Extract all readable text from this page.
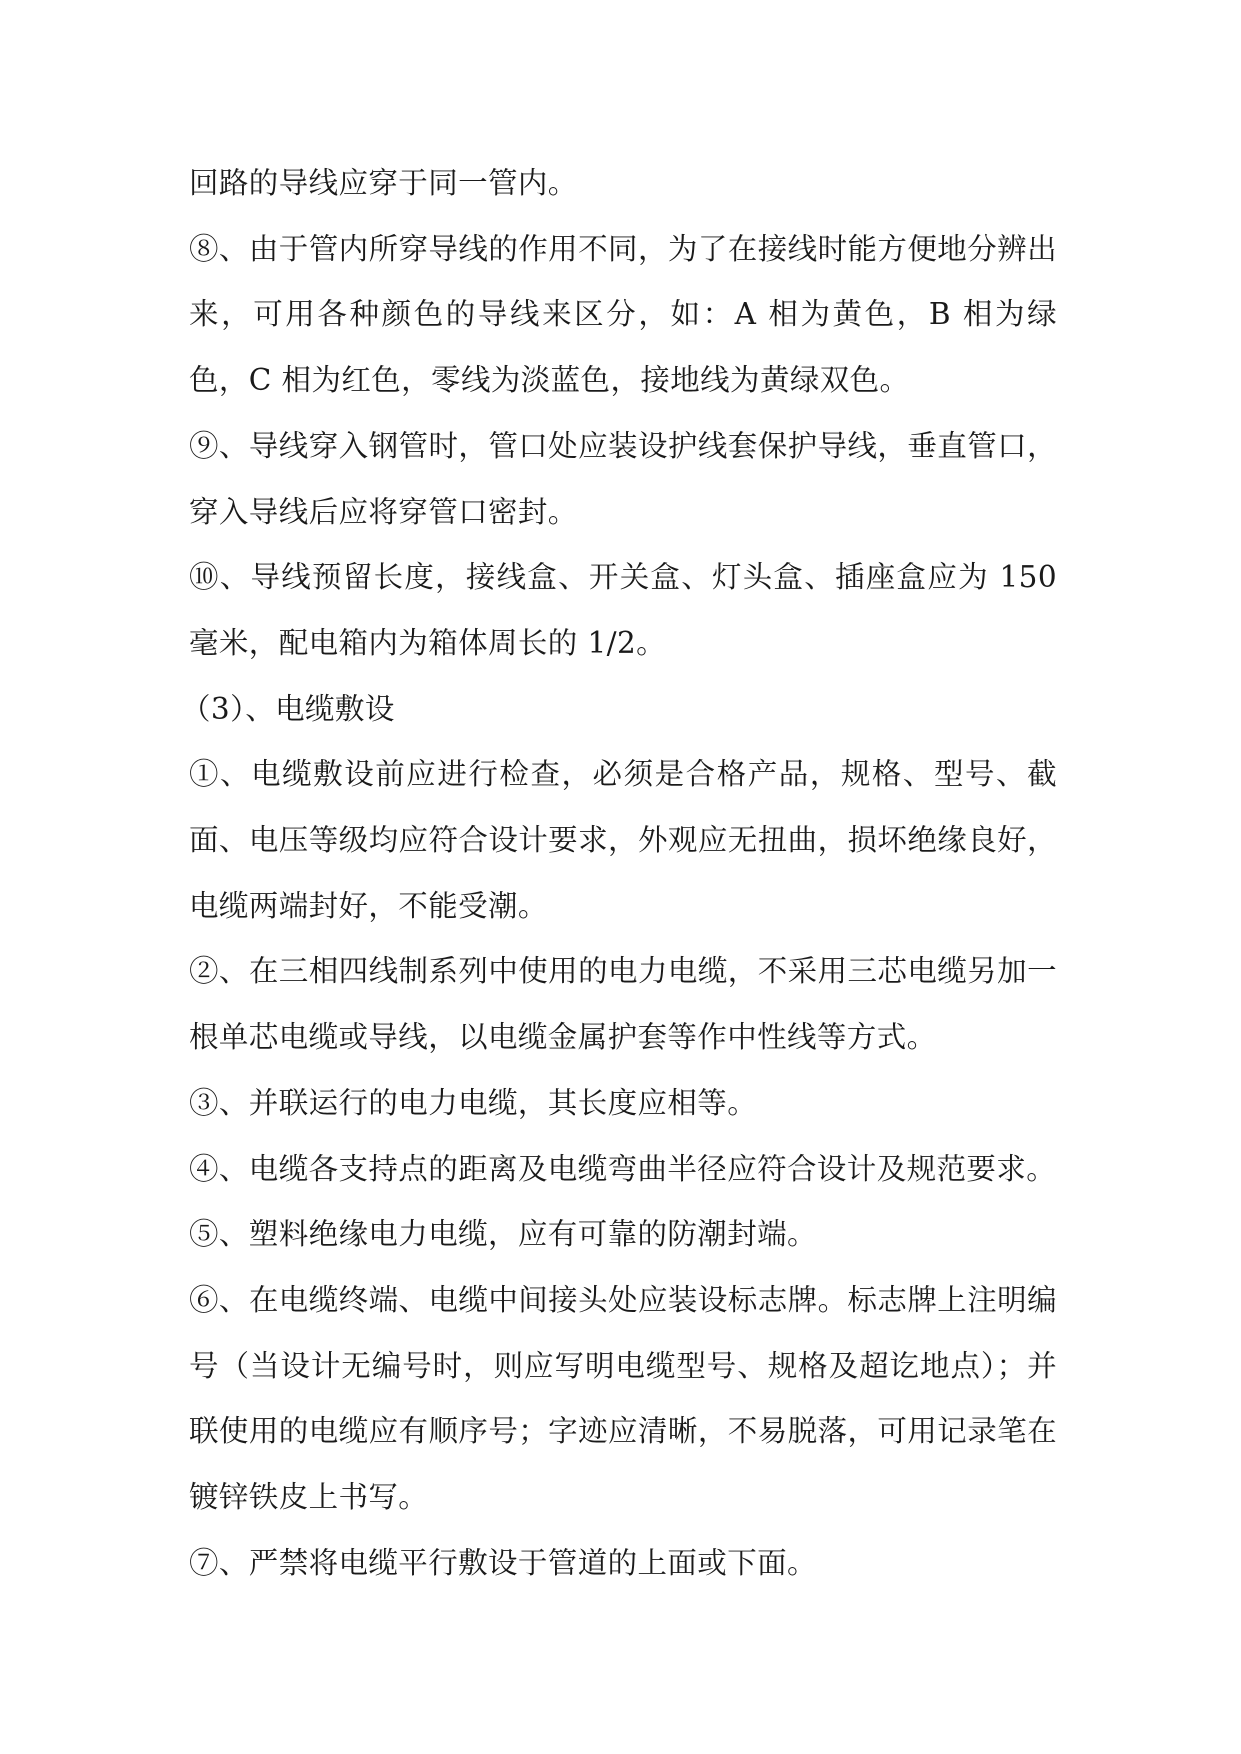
回路的导线应穿于同一管内。

⑧、由于管内所穿导线的作用不同，为了在接线时能方便地分辨出来，可用各种颜色的导线来区分，如：A 相为黄色，B 相为绿色，C 相为红色，零线为淡蓝色，接地线为黄绿双色。

⑨、导线穿入钢管时，管口处应装设护线套保护导线，垂直管口，穿入导线后应将穿管口密封。

⑩、导线预留长度，接线盒、开关盒、灯头盒、插座盒应为 150 毫米，配电箱内为箱体周长的 1/2。

（3）、电缆敷设

①、电缆敷设前应进行检查，必须是合格产品，规格、型号、截面、电压等级均应符合设计要求，外观应无扭曲，损坏绝缘良好，电缆两端封好，不能受潮。

②、在三相四线制系列中使用的电力电缆，不采用三芯电缆另加一根单芯电缆或导线，以电缆金属护套等作中性线等方式。

③、并联运行的电力电缆，其长度应相等。

④、电缆各支持点的距离及电缆弯曲半径应符合设计及规范要求。

⑤、塑料绝缘电力电缆，应有可靠的防潮封端。

⑥、在电缆终端、电缆中间接头处应装设标志牌。标志牌上注明编号（当设计无编号时，则应写明电缆型号、规格及超讫地点）；并联使用的电缆应有顺序号；字迹应清晰，不易脱落，可用记录笔在镀锌铁皮上书写。

⑦、严禁将电缆平行敷设于管道的上面或下面。
